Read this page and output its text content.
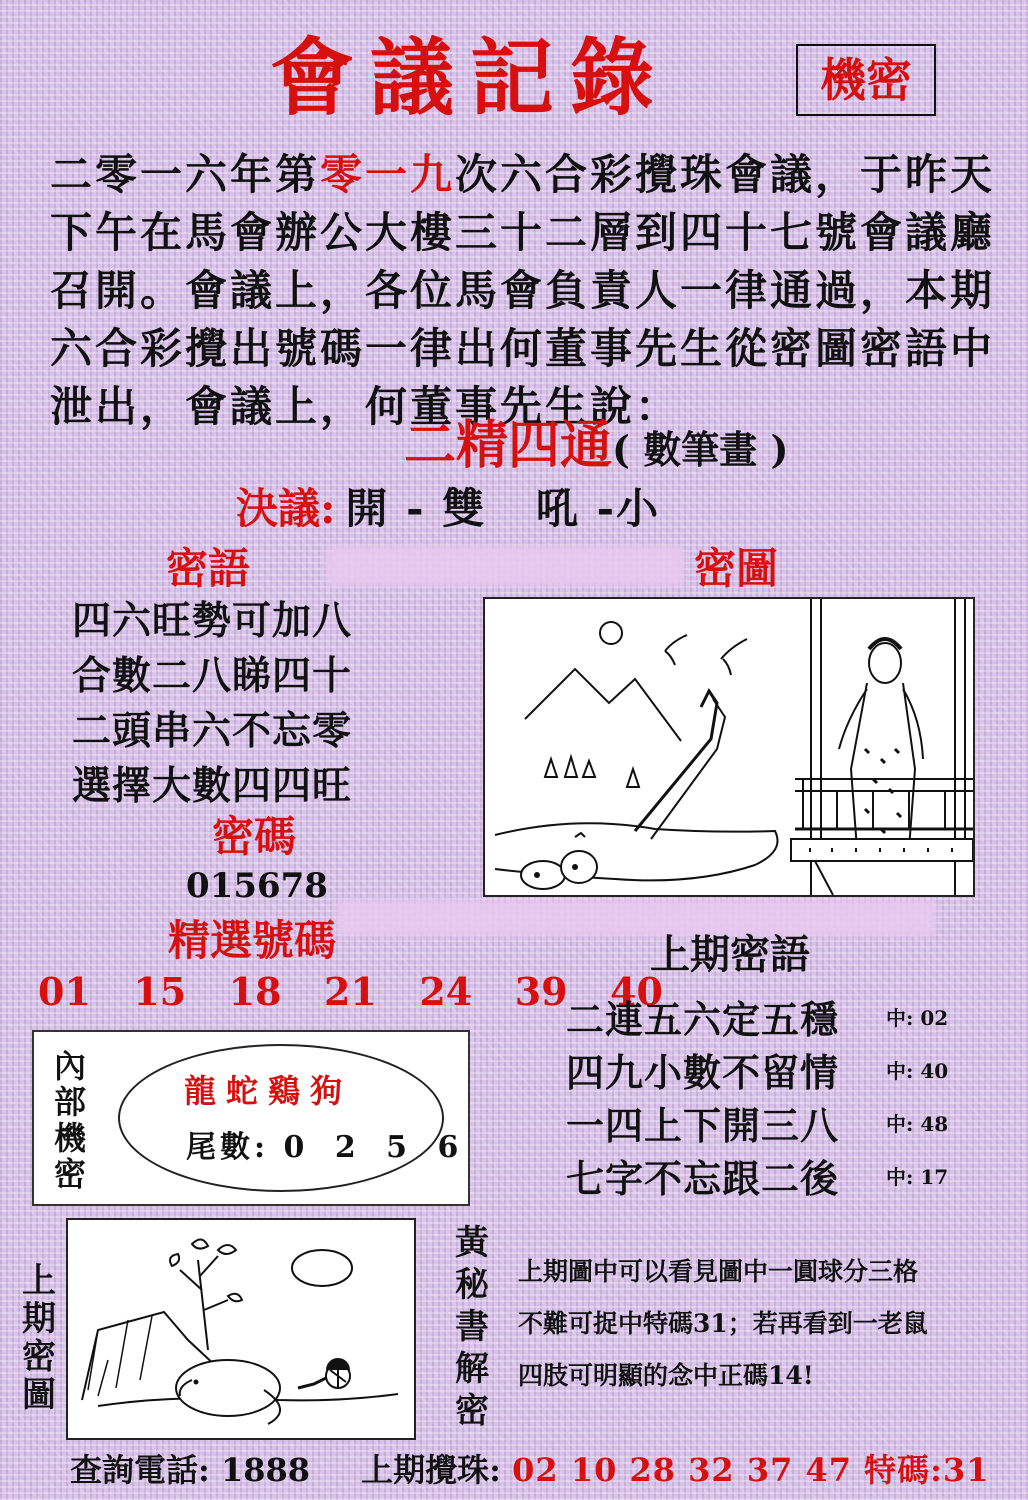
會議記錄	機密
二零一六年第零一九次六合彩攪珠會議，于昨天
下午在馬會辦公大樓三十二層到四十七號會議廳
召開。會議上，各位馬會負責人一律通過，本期
六合彩攪出號碼一律出何董事先生從密圖密語中
泄出，會議上，何董事先生說：
二精四通( 數筆畫 )
決議: 開 - 雙   吼 -小
密語	密圖
四六旺勢可加八
合數二八睇四十
二頭串六不忘零
選擇大數四四旺
密碼
015678
精選號碼
01  15  18  21  24  39  40
上期密語
二連五六定五穩	中: 02
四九小數不留情	中: 40
一四上下開三八	中: 48
七字不忘跟二後	中: 17
內部機密
龍蛇鷄狗
尾數: 0 2 5 6
上期密圖
黃秘書解密
上期圖中可以看見圖中一圓球分三格
不難可捉中特碼31；若再看到一老鼠
四肢可明顯的念中正碼14!
查詢電話: 1888 上期攪珠: 02 10 28 32 37 47 特碼:31
